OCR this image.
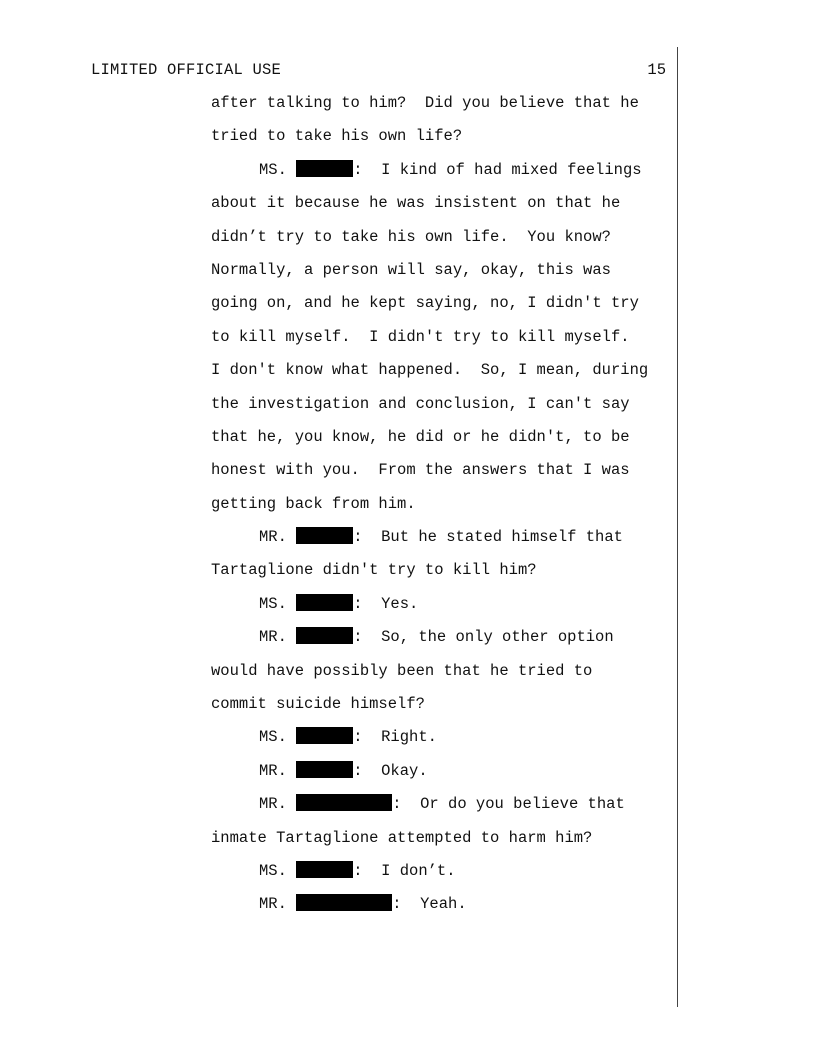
LIMITED OFFICIAL USE	15
after talking to him?  Did you believe that he
tried to take his own life?
MS.	:  I kind of had mixed feelings
about it because he was insistent on that he
didn’t try to take his own life.  You know?
Normally, a person will say, okay, this was
going on, and he kept saying, no, I didn't try
to kill myself.  I didn't try to kill myself.
I don't know what happened.  So, I mean, during
the investigation and conclusion, I can't say
that he, you know, he did or he didn't, to be
honest with you.  From the answers that I was
getting back from him.
MR.	:  But he stated himself that
Tartaglione didn't try to kill him?
MS.	:  Yes.
MR.	:  So, the only other option
would have possibly been that he tried to
commit suicide himself?
MS.	:  Right.
MR.	:  Okay.
MR.	:  Or do you believe that
inmate Tartaglione attempted to harm him?
MS.	:  I don’t.
MR.	:  Yeah.
